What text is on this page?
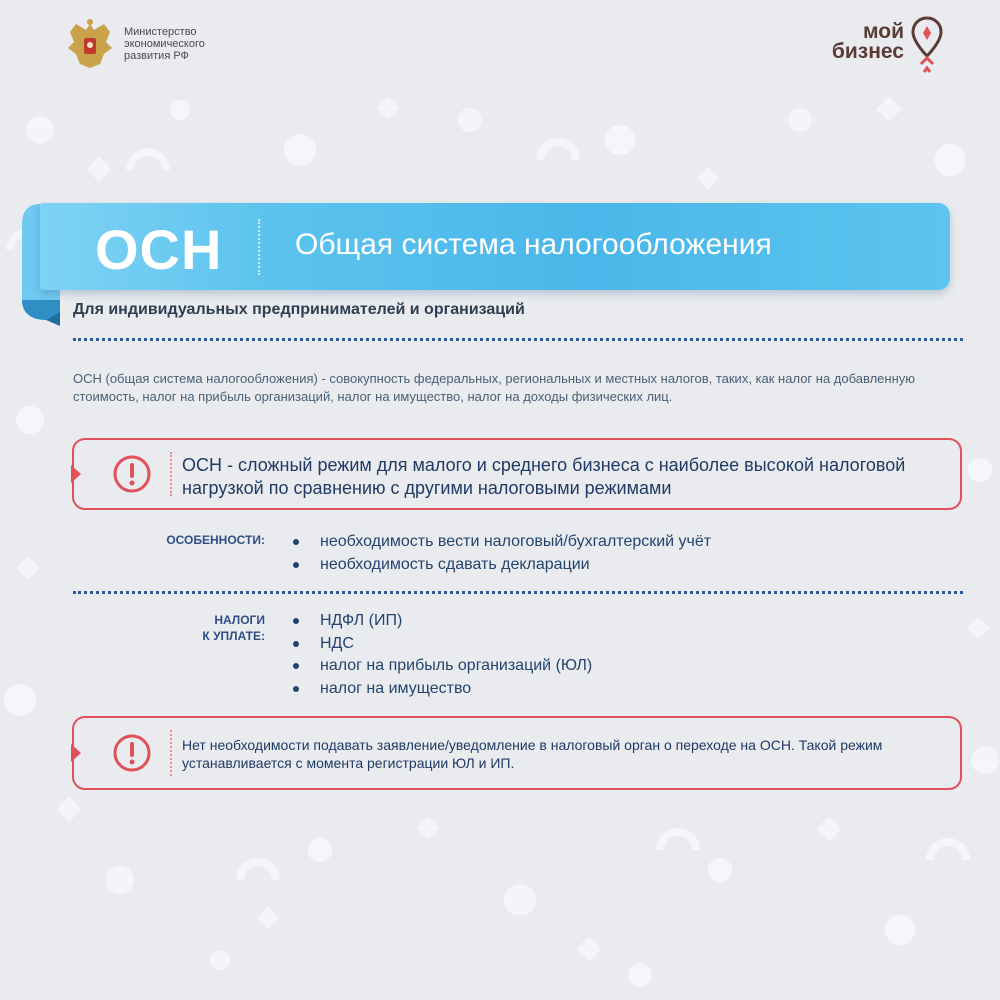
Министерство
экономического
развития РФ
мой
бизнес
ОСН Общая система налогообложения
Для индивидуальных предпринимателей и организаций
ОСН (общая система налогообложения) - совокупность федеральных, региональных и местных налогов, таких, как налог на добавленную стоимость, налог на прибыль организаций, налог на имущество, налог на доходы физических лиц.
ОСН - сложный режим для малого и среднего бизнеса с наиболее высокой налоговой нагрузкой по сравнению с другими налоговыми режимами
ОСОБЕННОСТИ:	необходимость вести налоговый/бухгалтерский учёт
необходимость сдавать декларации
НАЛОГИ
К УПЛАТЕ:
НДФЛ (ИП)
НДС
налог на прибыль организаций (ЮЛ)
налог на имущество
Нет необходимости подавать заявление/уведомление в налоговый орган о переходе на ОСН. Такой режим устанавливается с момента регистрации ЮЛ и ИП.
